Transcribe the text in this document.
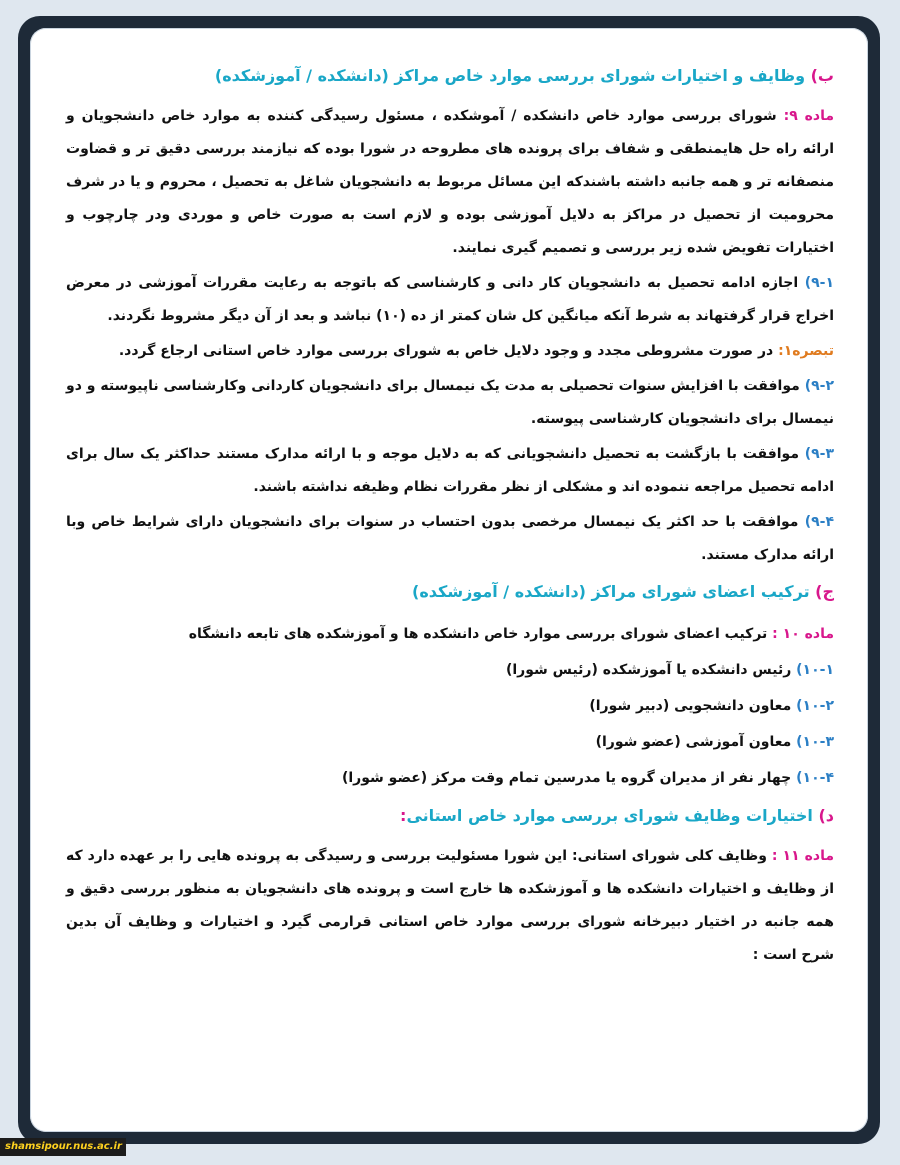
ب) وظایف و اختیارات شورای بررسی موارد خاص مراکز (دانشکده / آموزشکده)

ماده ۹: شورای بررسی موارد خاص دانشکده / آموشکده ، مسئول رسیدگی کننده به موارد خاص دانشجویان و ارائه راه حل هایمنطقی و شفاف برای پرونده های مطروحه در شورا بوده که نیازمند بررسی دقیق تر و قضاوت منصفانه تر و همه جانبه داشته باشندکه این مسائل مربوط به دانشجویان شاغل به تحصیل ، محروم و یا در شرف محرومیت از تحصیل در مراکز به دلایل آموزشی بوده و لازم است به صورت خاص و موردی ودر چارچوب و اختیارات تفویض شده زیر بررسی و تصمیم گیری نمایند.

۹-۱) اجازه ادامه تحصیل به دانشجویان کار دانی و کارشناسی که باتوجه به رعایت مقررات آموزشی در معرض اخراج قرار گرفتهاند به شرط آنکه میانگین کل شان کمتر از ده (۱۰) نباشد و بعد از آن دیگر مشروط نگردند.

تبصره۱: در صورت مشروطی مجدد و وجود دلایل خاص به شورای بررسی موارد خاص استانی ارجاع گردد.

۹-۲) موافقت با افزایش سنوات تحصیلی به مدت یک نیمسال برای دانشجویان کاردانی وکارشناسی ناپیوسته و دو نیمسال برای دانشجویان کارشناسی پیوسته.

۹-۳) موافقت با بازگشت به تحصیل دانشجویانی که به دلایل موجه و با ارائه مدارک مستند حداکثر یک سال برای ادامه تحصیل مراجعه ننموده اند و مشکلی از نظر مقررات نظام وظیفه نداشته باشند.

۹-۴) موافقت با حد اکثر یک نیمسال مرخصی بدون احتساب در سنوات برای دانشجویان دارای شرایط خاص وبا ارائه مدارک مستند.

ج) ترکیب اعضای شورای مراکز (دانشکده / آموزشکده)

ماده ۱۰ : ترکیب اعضای شورای بررسی موارد خاص دانشکده ها و آموزشکده های تابعه دانشگاه

۱۰-۱) رئیس دانشکده یا آموزشکده (رئیس شورا)

۱۰-۲) معاون دانشجویی (دبیر شورا)

۱۰-۳) معاون آموزشی (عضو شورا)

۱۰-۴) چهار نفر از مدیران گروه یا مدرسین تمام وقت مرکز (عضو شورا)

د) اختیارات وظایف شورای بررسی موارد خاص استانی:

ماده ۱۱ : وظایف کلی شورای استانی: این شورا مسئولیت بررسی و رسیدگی به پرونده هایی را بر عهده دارد که از وظایف و اختیارات دانشکده ها و آموزشکده ها خارج است و پرونده های دانشجویان به منظور بررسی دقیق و همه جانبه در اختیار دبیرخانه شورای بررسی موارد خاص استانی قرارمی گیرد و اختیارات و وظایف آن بدین شرح است :

shamsipour.nus.ac.ir
